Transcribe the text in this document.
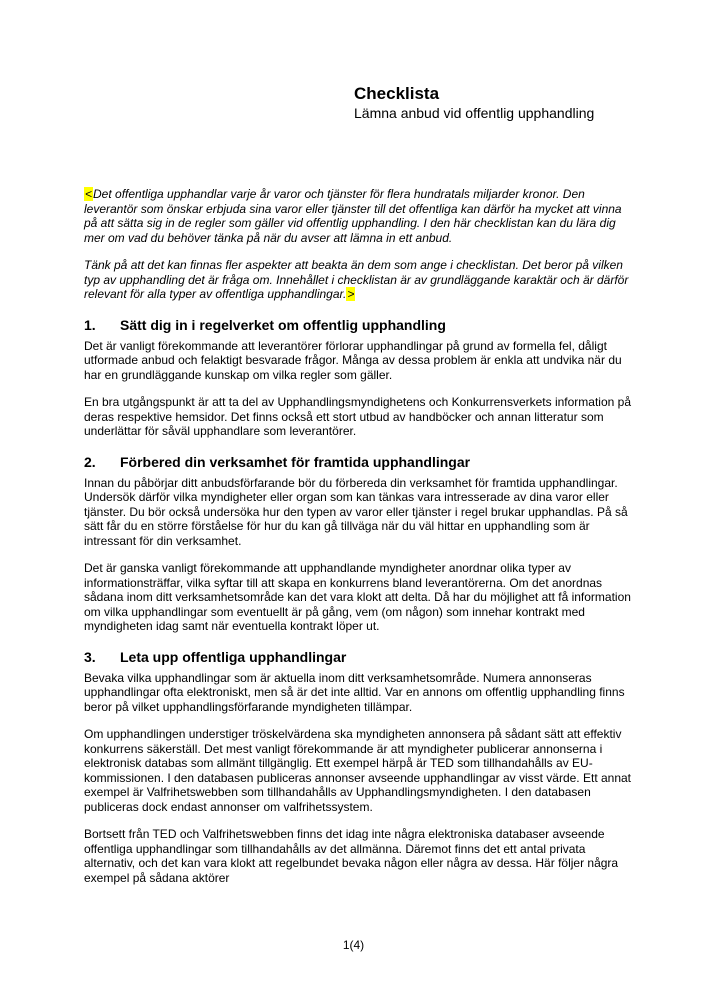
Checklista
Lämna anbud vid offentlig upphandling

<Det offentliga upphandlar varje år varor och tjänster för flera hundratals miljarder kronor. Den leverantör som önskar erbjuda sina varor eller tjänster till det offentliga kan därför ha mycket att vinna på att sätta sig in de regler som gäller vid offentlig upphandling. I den här checklistan kan du lära dig mer om vad du behöver tänka på när du avser att lämna in ett anbud.

Tänk på att det kan finnas fler aspekter att beakta än dem som ange i checklistan. Det beror på vilken typ av upphandling det är fråga om. Innehållet i checklistan är av grundläggande karaktär och är därför relevant för alla typer av offentliga upphandlingar.>

1. Sätt dig in i regelverket om offentlig upphandling

Det är vanligt förekommande att leverantörer förlorar upphandlingar på grund av formella fel, dåligt utformade anbud och felaktigt besvarade frågor. Många av dessa problem är enkla att undvika när du har en grundläggande kunskap om vilka regler som gäller.

En bra utgångspunkt är att ta del av Upphandlingsmyndighetens och Konkurrensverkets information på deras respektive hemsidor. Det finns också ett stort utbud av handböcker och annan litteratur som underlättar för såväl upphandlare som leverantörer.

2. Förbered din verksamhet för framtida upphandlingar

Innan du påbörjar ditt anbudsförfarande bör du förbereda din verksamhet för framtida upphandlingar. Undersök därför vilka myndigheter eller organ som kan tänkas vara intresserade av dina varor eller tjänster. Du bör också undersöka hur den typen av varor eller tjänster i regel brukar upphandlas. På så sätt får du en större förståelse för hur du kan gå tillväga när du väl hittar en upphandling som är intressant för din verksamhet.

Det är ganska vanligt förekommande att upphandlande myndigheter anordnar olika typer av informationsträffar, vilka syftar till att skapa en konkurrens bland leverantörerna. Om det anordnas sådana inom ditt verksamhetsområde kan det vara klokt att delta. Då har du möjlighet att få information om vilka upphandlingar som eventuellt är på gång, vem (om någon) som innehar kontrakt med myndigheten idag samt när eventuella kontrakt löper ut.

3. Leta upp offentliga upphandlingar

Bevaka vilka upphandlingar som är aktuella inom ditt verksamhetsområde. Numera annonseras upphandlingar ofta elektroniskt, men så är det inte alltid. Var en annons om offentlig upphandling finns beror på vilket upphandlingsförfarande myndigheten tillämpar.

Om upphandlingen understiger tröskelvärdena ska myndigheten annonsera på sådant sätt att effektiv konkurrens säkerställ. Det mest vanligt förekommande är att myndigheter publicerar annonserna i elektronisk databas som allmänt tillgänglig. Ett exempel härpå är TED som tillhandahålls av EU-kommissionen. I den databasen publiceras annonser avseende upphandlingar av visst värde. Ett annat exempel är Valfrihetswebben som tillhandahålls av Upphandlingsmyndigheten. I den databasen publiceras dock endast annonser om valfrihetssystem.

Bortsett från TED och Valfrihetswebben finns det idag inte några elektroniska databaser avseende offentliga upphandlingar som tillhandahålls av det allmänna. Däremot finns det ett antal privata alternativ, och det kan vara klokt att regelbundet bevaka någon eller några av dessa. Här följer några exempel på sådana aktörer

1(4)
